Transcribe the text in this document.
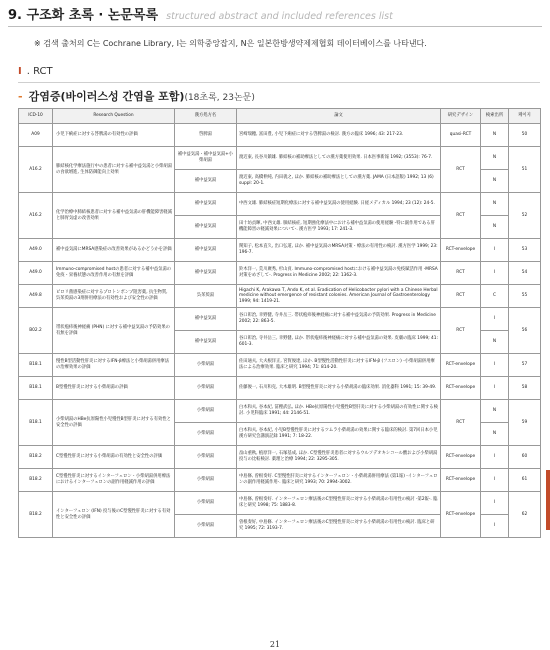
9. 구조화 초록 · 논문목록 structured abstract and included references list
※ 검색 출처의 C는 Cochrane Library, I는 의학중앙잡지, N은 일본한방생약제제협회 데이터베이스를 나타낸다.
I . RCT
- 감염증(바이러스성 간염을 포함)(18초록, 23논문)
ICD-10	Research Question	漢方処方名	論文	研究デザイン	検索出所	페이지
A09	小児下痢症に対する啓脾湯の有効性の評価	啓脾湯	宮崎瑞穂, 富田豊, 小児下痢症に対する啓脾湯の検討. 漢方の臨床 1996; 43: 217-23.	quasi-RCT	N	50
A16.2	肺結核化学療法施行中の患者に対する補中益気湯と小柴胡湯の食欲増進, 生体防御能向上効果	補中益気湯・補中益気湯+小柴胡湯	渡辺東, 長谷川鎮雄. 肺結核の補助療法としての漢方薬使用効果. 日本医事新報 1992; (3553): 76-7.	RCT	N	51
		補中益気湯	渡辺東, 高橋伸純, 内田義之, ほか. 肺結核の補助療法としての漢方薬. JAMA (日本語版) 1992; 13 (6) suppl: 20-1.		N	
A16.2	化学治療中肺結核患者に対する補中益気湯の肝機能障害軽減と肺胃気虚の改善効果	補中益気湯	中西文雄. 肺結核症短期化療法に対する補中益気湯の使用経験. 日経メディカル 1994; 23 (12): 24-5.	RCT	N	52
		補中益気湯	田十坊貞暉, 中西文雄. 肺結核症, 短期強化療法中における補中益気湯の使用経験 -特に副作用である肝機能障害の軽減効果について-. 漢方医学 1993; 17: 241-3.		N	
A49.0	補中益気湯にMRSA感染症の改善効果があるかどうかを評価	補中益気湯	関知子, 松本直久, 出口弘道, ほか. 補中益気湯のMRSA対策・療法の有用性の検討. 漢方医学 1999; 23: 196-7.	RCT-envelope	I	53
A49.0	Immuno-compromised hostの患者に対する補中益気湯の免疫・栄養状態の改善作用の有無を評価	補中益気湯	鈴木洋一, 荒川廣秀, 杉山貢. Immuno-compromised hostにおける補中益気湯の免疫賦活作用 -MRSA対策をめざして-. Progress in Medicine 2002; 22: 1362-3.	RCT	I	54
A49.8	ピロリ菌感染症に対するプロトンポンプ阻害薬, 抗生物質, 呉茱萸湯の3剤併用療法の有効性および安全性の評価	呉茱萸湯	Higachi K, Arakawa T, Ando K, et al. Eradication of Helicobacter pylori with a Chinese Herbal medicine without emergence of resistant colonies. American Journal of Gastroenterology 1999; 94: 1419-21.	RCT	C	55
B02.2	帯状疱疹後神経痛 (PHN) に対する補中益気湯の予防効果の有無を評価	補中益気湯	谷口彰治, 幸野健, 寺井岳三. 帯状疱疹後神経痛に対する補中益気湯の予防効果. Progress in Medicine 2002; 22: 863-5.	RCT	I	56
		補中益気湯	谷口彰治, 寺井岳三, 幸野健, ほか. 帯状疱疹後神経痛に対する補中益気湯の効果. 皮膚の臨床 1999; 41: 601-3.		N	
B18.1	慢性B型活動性肝炎に対するIFN-β療法と小柴胡湯併用療法の治療効果の評価	小柴胡湯	佐田通夫, 大夫根洋正, 宮賀俊達, ほか. B型慢性活動性肝炎に対するIFN-β (フエロン) -小柴胡湯併用療法による治療効果. 臨床と研究 1994; 71: 814-20.	RCT-envelope	I	57
B18.1	B型慢性肝炎に対する小柴胡湯の評価	小柴胡湯	佐藤俊一, 石川和克, 大木雄明. B型慢性肝炎に対する小柴胡湯の臨床効果. 消化器科 1991; 15: 39-49.	RCT-envelope	I	58
B18.1	小柴胡湯のHBe抗原陽性小児慢性B型肝炎に対する有効性と安全性の評価	小柴胡湯	白木和夫, 谷本紀, 冨樫武弘, ほか. HBe抗原陽性小児慢性B型肝炎に対する小柴胡湯の有効性に関する検討. 小児科臨床 1991; 44: 2146-51.	RCT	N	59
		小柴胡湯	白木和夫, 谷本紀, 小児B型慢性肝炎に対するツムラ小柴胡湯の効果に関する臨床的検討. 第7回日本小児漢方研究会講演記録 1991; 7: 18-22.		N	
B18.2	C型慢性肝炎に対する小柴胡湯の有効性と安全性の評価	小柴胡湯	畠山重秋, 植原洋一, 石塚基成, ほか. C型慢性肝炎患者に対するウルソデオキシコール酸および小柴胡湯投与の比較検討. 薬理と治療 1994; 22: 3295-305.	RCT-envelope	I	60
B18.2	C型慢性肝炎に対するインターフェロン・小柴胡湯併用療法におけるインターフェロンの副作用軽減作用の評価	小柴胡湯	中島修, 曽根奏好. C型慢性肝炎に対するインターフェロン・小柴胡湯併用療法 (第1報) -インターフェロンの副作用軽減作用-. 臨床と研究 1993; 70: 2994-3002.	RCT-envelope	I	61
B18.2	インターフェロン (IFN) 投与後のC型慢性肝炎に対する有効性と安全性の評価	小柴胡湯	中島修, 曽根奏好. インターフェロン療法後のC型慢性肝炎に対する小柴胡湯の有用性の検討 -第2報-. 臨床と研究 1998; 75: 1883-8.	RCT-envelope	I	62
		小柴胡湯	曽根奏好, 中島修. インターフェロン療法後のC型慢性肝炎に対する小柴胡湯の有用性の検討. 臨床と研究 1995; 72: 3193-7.		I	
21
